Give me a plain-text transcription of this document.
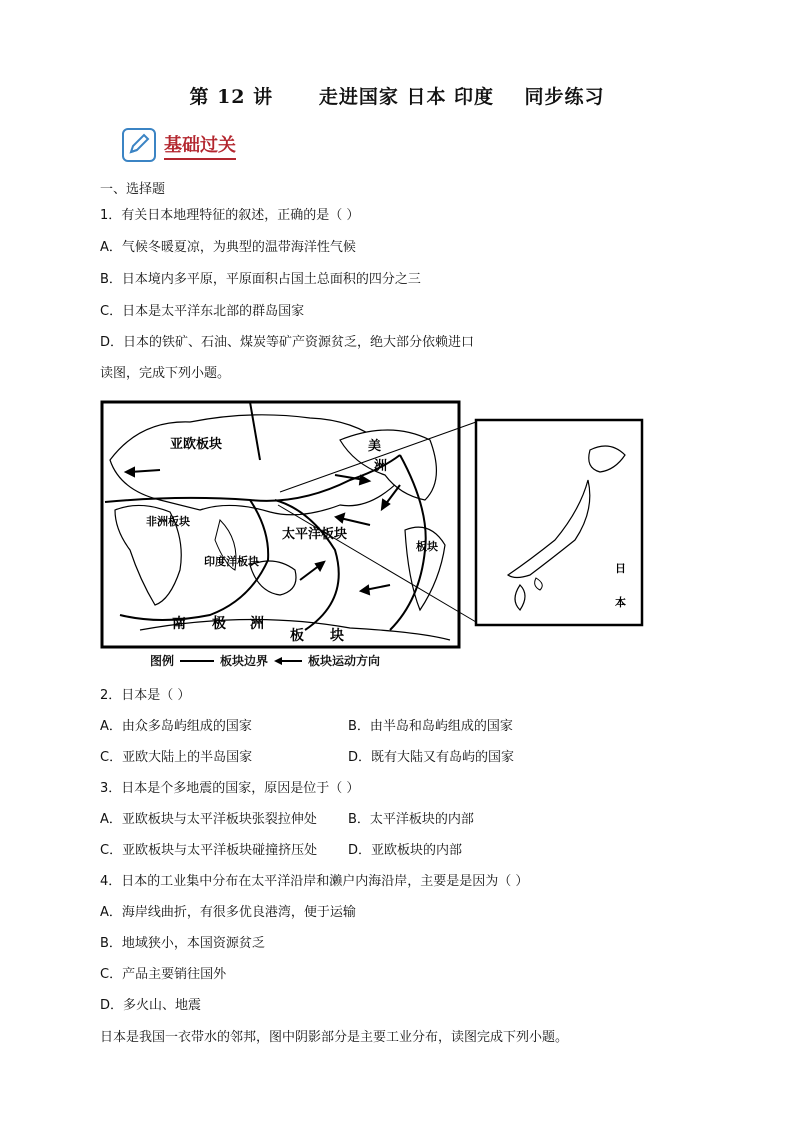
第 12 讲 走进国家 日本 印度 同步练习
基础过关
一、选择题
1．有关日本地理特征的叙述，正确的是（ ）
A．气候冬暖夏凉，为典型的温带海洋性气候
B．日本境内多平原，平原面积占国土总面积的四分之三
C．日本是太平洋东北部的群岛国家
D．日本的铁矿、石油、煤炭等矿产资源贫乏，绝大部分依赖进口
读图，完成下列小题。
亚欧板块	美
洲
非洲板块
印度洋板块
太平洋板块
南 极 洲
板 块
板块
日
本
图例	板块边界	板块运动方向
2．日本是（ ）
A．由众多岛屿组成的国家	B．由半岛和岛屿组成的国家
C．亚欧大陆上的半岛国家	D．既有大陆又有岛屿的国家
3．日本是个多地震的国家，原因是位于（ ）
A．亚欧板块与太平洋板块张裂拉伸处 B．太平洋板块的内部
C．亚欧板块与太平洋板块碰撞挤压处 D．亚欧板块的内部
4．日本的工业集中分布在太平洋沿岸和濑户内海沿岸，主要是是因为（ ）
A．海岸线曲折，有很多优良港湾，便于运输
B．地域狭小，本国资源贫乏
C．产品主要销往国外
D．多火山、地震
日本是我国一衣带水的邻邦，图中阴影部分是主要工业分布，读图完成下列小题。
